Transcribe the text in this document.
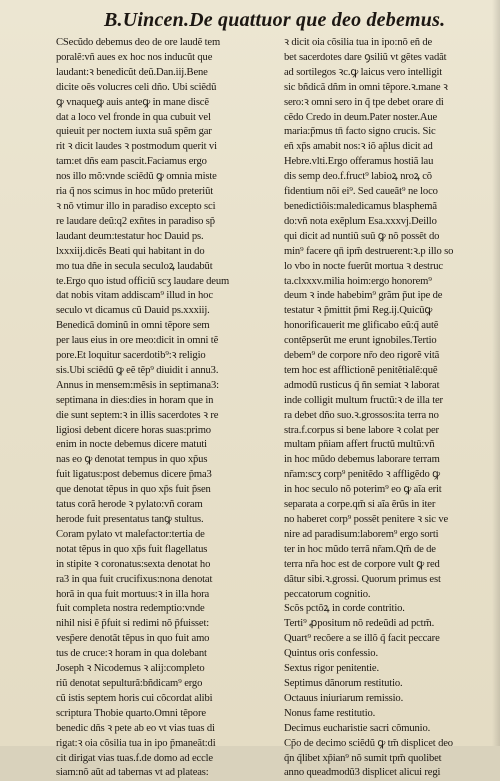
B.Uincen.De quattuor que deo debemus.
CSecũdo debemus deo de ore laudẽ tem
poralẽ:vñ aues ex hoc nos inducũt que
laudant:ꝛ benedicũt deũ.Dan.iij.Bene
dicite oẽs volucres celi dño. Ubi sciẽdũ
ꝙ vnaqueꝙ auis anteꝙ in mane discẽ
dat a loco vel fronde in qua cubuit vel
quieuit per noctem iuxta suã spẽm gar
rit ꝛ dicit laudes ꝛ postmodum querit vi
tam:et dñs eam pascit.Faciamus ergo
nos illo mõ:vnde sciẽdũ ꝙ omnia miste
ria q̃ nos scimus in hoc mũdo preteriũt
ꝛ nõ vtimur illo in paradiso excepto sci
re laudare deũ:q2 exñtes in paradiso sp̃
laudant deum:testatur hoc Dauid ps.
lxxxiij.dicẽs Beati qui habitant in do
mo tua dñe in secula seculoꝝ laudabũt
te.Ergo quo istud officiũ scʒ laudare deum
dat nobis vitam addiscam⁹ illud in hoc
seculo vt dicamus cũ Dauid ps.xxxiij.
Benedicã dominũ in omni tẽpore sem
per laus eius in ore meo:dicit in omni tẽ
pore.Et loquitur sacerdotib⁹:ꝛ religio
sis.Ubi sciẽdũ ꝙ eẽ tẽp⁹ diuidit i annu3.
Annus in mensem:mẽsis in septimana3:
septimana in dies:dies in horam que in
die sunt septem:ꝛ in illis sacerdotes ꝛ re
ligiosi debent dicere horas suas:primo
enim in nocte debemus dicere matuti
nas eo ꝙ denotat tempus in quo xp̃us
fuit ligatus:post debemus dicere p̃ma3
que denotat tẽpus in quo xp̃s fuit p̃sen
tatus corã herode ꝛ pylato:vñ coram
herode fuit presentatus tanꝙ stultus.
Coram pylato vt malefactor:tertia de
notat tẽpus in quo xp̃s fuit flagellatus
in stipite ꝛ coronatus:sexta denotat ho
ra3 in qua fuit crucifixus:nona denotat
horã in qua fuit mortuus:ꝛ in illa hora
fuit completa nostra redemptio:vnde
nihil nisi ẽ p̃fuit si redimi nõ p̃fuisset:
vesp̃ere denotãt tẽpus in quo fuit amo
tus de cruce:ꝛ horam in qua dolebant
Joseph ꝛ Nicodemus ꝛ alij:completo
riũ denotat sepulturã:bñdicam⁹ ergo
cũ istis septem horis cui cõcordat alibi
scriptura Thobie quarto.Omni tẽpore
benedic dñs ꝛ pete ab eo vt vias tuas di
rigat:ꝛ oia cõsilia tua in ipo p̃maneãt:di
cit dirigat vias tuas.f.de domo ad eccle
siam:nõ aũt ad tabernas vt ad plateas:
ꝛ dicit oia cõsilia tua in ipo:nõ eñ de
bet sacerdotes dare ꝯsiliũ vt gẽtes vadãt
ad sortilegos ꝛc.ꝙ laicus vero intelligit
sic bñdicã dñm in omni tẽpore.ꝛ.mane ꝛ
sero:ꝛ omni sero in q̃ tpe debet orare di
cẽdo Credo in deum.Pater noster.Aue
maria:p̃mus tn̄ facto signo crucis. Sic
eñ xp̃s amabit nos:ꝛ iõ ap̃lus dicit ad
Hebre.vlti.Ergo offeramus hostiã lau
dis semp deo.f.fruct⁹ labioꝝ nroꝝ cõ
fidentium nõi ei⁹. Sed caueãt⁹ ne loco
benedictiõis:maledicamus blasphemã
do:vñ nota exẽplum Esa.xxxvj.Deillo
qui dicit ad nuntiũ suũ ꝙ nõ possẽt do
min⁹ facere qn̄ ipm̃ destruerent:ꝛ.p illo so
lo vbo in nocte fuerũt mortua ꝛ destruc
ta.clxxxv.milia hoim:ergo honorem⁹
deum ꝛ inde habebim⁹ grãm p̃ut ipe de
testatur ꝛ p̃mittit p̃mi Reg.ij.Quicũꝙ
honorificauerit me glificabo eũ:q̃ autẽ
contẽpserũt me erunt ignobiles.Tertio
debem⁹ de corpore nr̃o deo rigorẽ vitã
tem hoc est afflictionẽ penitẽtialẽ:quẽ
admodũ rusticus q̃ ñn semiat ꝛ laborat
inde colligit multum fructũ:ꝛ de illa ter
ra debet dño suo.ꝛ.grossos:ita terra no
stra.f.corpus si bene labore ꝛ colat per
multam pn̄iam affert fructũ multũ:vñ
in hoc mũdo debemus laborare terram
nr̃am:scʒ corp⁹ penitẽdo ꝛ affligẽdo ꝙ
in hoc seculo nõ poterim⁹ eo ꝙ aĩa erit
separata a corpe.qm̃ si aĩa ẽrũs in iter
no haberet corp⁹ possẽt penitere ꝛ sic ve
nire ad paradisum:laborem⁹ ergo sorti
ter in hoc mũdo terrã nr̃am.Qm̃ de de
terra nr̃a hoc est de corpore vult ꝙ red
dãtur sibi.ꝛ.grossi. Quorum primus est
peccatorum cognitio.
Scõs pctõꝝ in corde contritio.
Terti⁹ ꝓpositum nõ redeũdi ad pctm̃.
Quart⁹ recõere a se illõ q̃ facit peccare
Quintus oris confessio.
Sextus rigor penitentie.
Septimus dãnorum restitutio.
Octauus iniuriarum remissio.
Nonus fame restitutio.
Decimus eucharistie sacri cõmunio.
Cp̃o de decimo sciẽdũ ꝙ tm̃ displicet deo
q̃n q̃libet xp̃ian⁹ nõ sumit tpm̃ quolibet
anno queadmodũ3 displicet alicui regi
